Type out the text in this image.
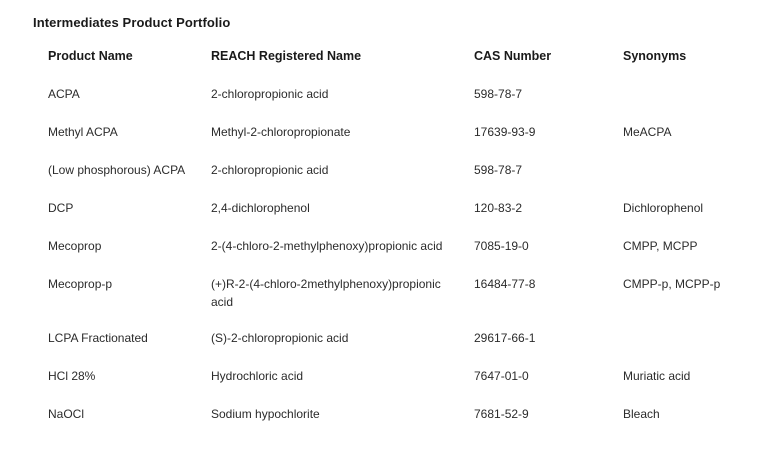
Intermediates Product Portfolio
Product Name	REACH Registered Name	CAS Number	Synonyms
ACPA	2-chloropropionic acid	598-78-7	
Methyl ACPA	Methyl-2-chloropropionate	17639-93-9	MeACPA
(Low phosphorous) ACPA	2-chloropropionic acid	598-78-7	
DCP	2,4-dichlorophenol	120-83-2	Dichlorophenol
Mecoprop	2-(4-chloro-2-methylphenoxy)propionic acid	7085-19-0	CMPP, MCPP
Mecoprop-p	(+)R-2-(4-chloro-2methylphenoxy)propionic acid	16484-77-8	CMPP-p, MCPP-p
LCPA Fractionated	(S)-2-chloropropionic acid	29617-66-1	
HCl 28%	Hydrochloric acid	7647-01-0	Muriatic acid
NaOCl	Sodium hypochlorite	7681-52-9	Bleach
